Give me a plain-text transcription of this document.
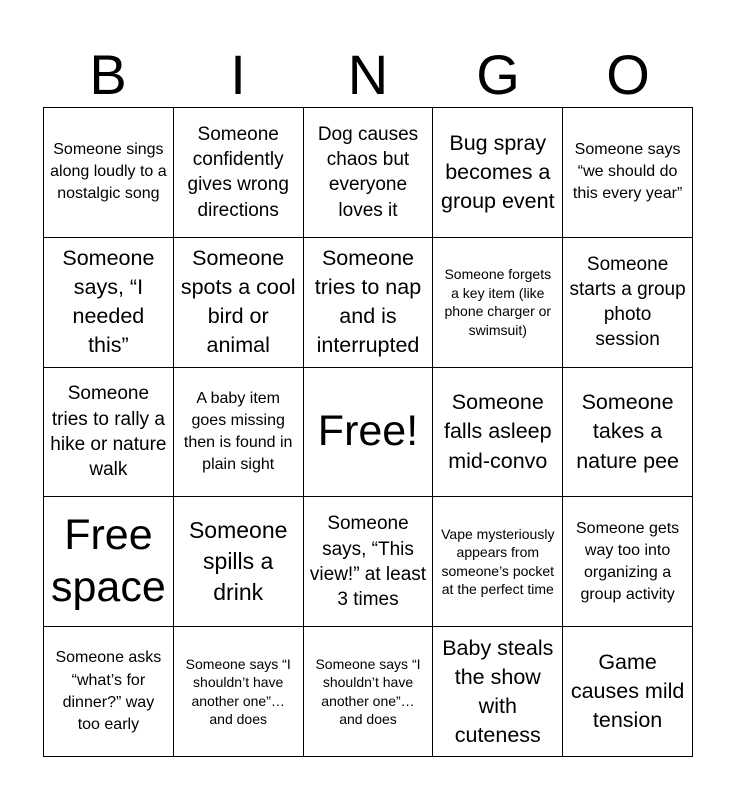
B	I	N	G	O
Someone sings along loudly to a nostalgic song
Someone confidently gives wrong directions
Dog causes chaos but everyone loves it
Bug spray becomes a group event
Someone says “we should do this every year”
Someone says, “I needed this”
Someone spots a cool bird or animal
Someone tries to nap and is interrupted
Someone forgets a key item (like phone charger or swimsuit)
Someone starts a group photo session
Someone tries to rally a hike or nature walk
A baby item goes missing then is found in plain sight
Free!
Someone falls asleep mid-convo
Someone takes a nature pee
Free space
Someone spills a drink
Someone says, “This view!” at least 3 times
Vape mysteriously appears from someone’s pocket at the perfect time
Someone gets way too into organizing a group activity
Someone asks “what’s for dinner?” way too early
Someone says “I shouldn’t have another one”… and does
Someone says “I shouldn’t have another one”… and does
Baby steals the show with cuteness
Game causes mild tension
